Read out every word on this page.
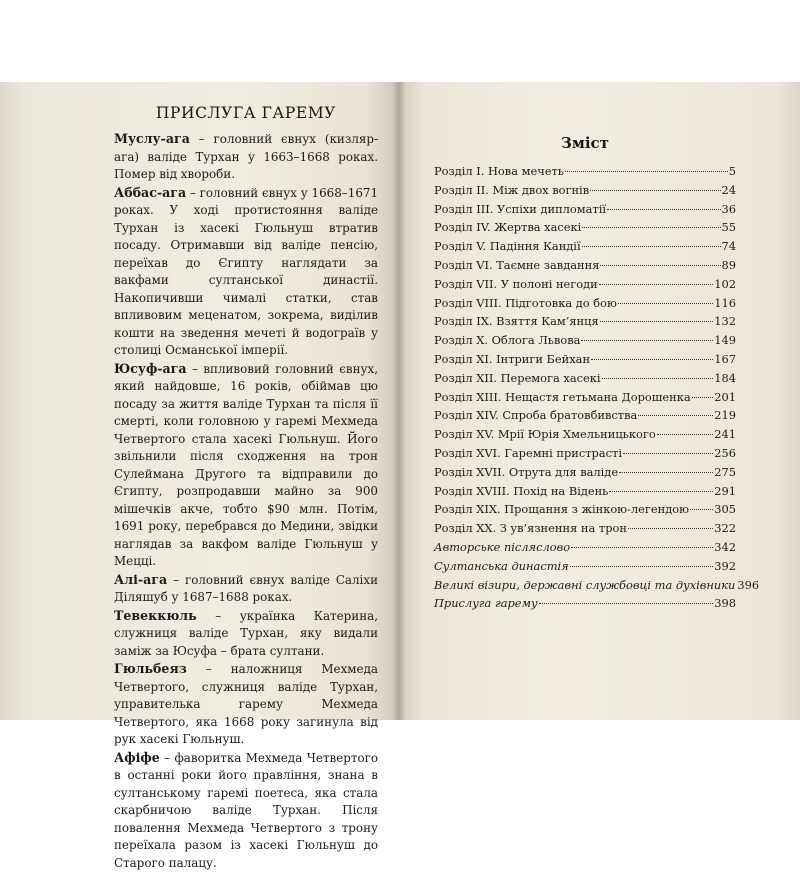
ПРИСЛУГА ГАРЕМУ

Муслу-ага – головний євнух (кизляр-ага) валіде Турхан у 1663–1668 роках. Помер від хвороби.

Аббас-ага – головний євнух у 1668–1671 роках. У ході протистояння валіде Турхан із хасекі Гюльнуш втратив посаду. Отримавши від валіде пенсію, переїхав до Єгипту наглядати за вакфами султанської династії. Накопичивши чималі статки, став впливовим меценатом, зокрема, виділив кошти на зведення мечеті й водограїв у столиці Османської імперії.

Юсуф-ага – впливовий головний євнух, який найдовше, 16 років, обіймав цю посаду за життя валіде Турхан та після її смерті, коли головною у гаремі Мехмеда Четвертого стала хасекі Гюльнуш. Його звільнили після сходження на трон Сулеймана Другого та відправили до Єгипту, розпродавши майно за 900 мішечків акче, тобто $90 млн. Потім, 1691 року, перебрався до Медини, звідки наглядав за вакфом валіде Гюльнуш у Мецці.

Алі-ага – головний євнух валіде Саліхи Діляшуб у 1687–1688 роках.

Тевеккюль – українка Катерина, служниця валіде Турхан, яку видали заміж за Юсуфа – брата султани.

Гюльбеяз – наложниця Мехмеда Четвертого, служниця валіде Турхан, управителька гарему Мехмеда Четвертого, яка 1668 року загинула від рук хасекі Гюльнуш.

Афіфе – фаворитка Мехмеда Четвертого в останні роки його правління, знана в султанському гаремі поетеса, яка стала скарбничою валіде Турхан. Після повалення Мехмеда Четвертого з трону переїхала разом із хасекі Гюльнуш до Старого палацу.

Зміст
Розділ I. Нова мечеть	5
Розділ II. Між двох вогнів	24
Розділ III. Успіхи дипломатії	36
Розділ IV. Жертва хасекі	55
Розділ V. Падіння Кандії	74
Розділ VI. Таємне завдання	89
Розділ VII. У полоні негоди	102
Розділ VIII. Підготовка до бою	116
Розділ IX. Взяття Кам’янця	132
Розділ X. Облога Львова	149
Розділ XI. Інтриги Бейхан	167
Розділ XII. Перемога хасекі	184
Розділ XIII. Нещастя гетьмана Дорошенка 201
Розділ XIV. Спроба братовбивства	219
Розділ XV. Мрії Юрія Хмельницького	241
Розділ XVI. Гаремні пристрасті	256
Розділ XVII. Отрута для валіде	275
Розділ XVIII. Похід на Відень	291
Розділ XIX. Прощання з жінкою-легендою 305
Розділ XX. З ув’язнення на трон	322
Авторське післяслово	342
Султанська династія	392
Великі візири, державні службовці та духівники 396
Прислуга гарему	398
